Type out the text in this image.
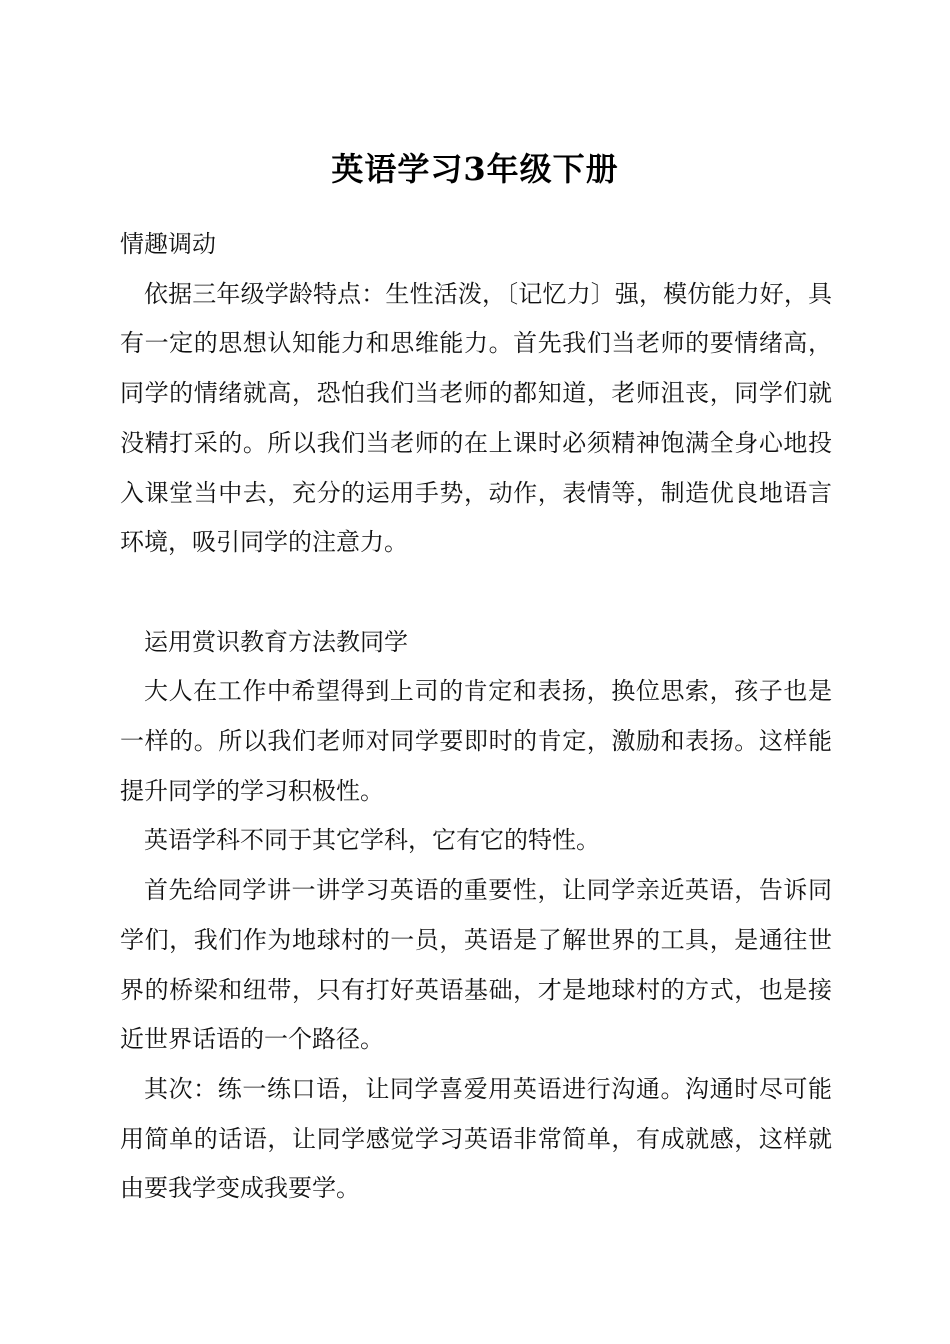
英语学习3年级下册

情趣调动

依据三年级学龄特点：生性活泼，〔记忆力〕强，模仿能力好，具有一定的思想认知能力和思维能力。首先我们当老师的要情绪高，同学的情绪就高，恐怕我们当老师的都知道，老师沮丧，同学们就没精打采的。所以我们当老师的在上课时必须精神饱满全身心地投入课堂当中去，充分的运用手势，动作，表情等，制造优良地语言环境，吸引同学的注意力。

运用赏识教育方法教同学

大人在工作中希望得到上司的肯定和表扬，换位思索，孩子也是一样的。所以我们老师对同学要即时的肯定，激励和表扬。这样能提升同学的学习积极性。

英语学科不同于其它学科，它有它的特性。

首先给同学讲一讲学习英语的重要性，让同学亲近英语，告诉同学们，我们作为地球村的一员，英语是了解世界的工具，是通往世界的桥梁和纽带，只有打好英语基础，才是地球村的方式，也是接近世界话语的一个路径。

其次：练一练口语，让同学喜爱用英语进行沟通。沟通时尽可能用简单的话语，让同学感觉学习英语非常简单，有成就感，这样就由要我学变成我要学。
